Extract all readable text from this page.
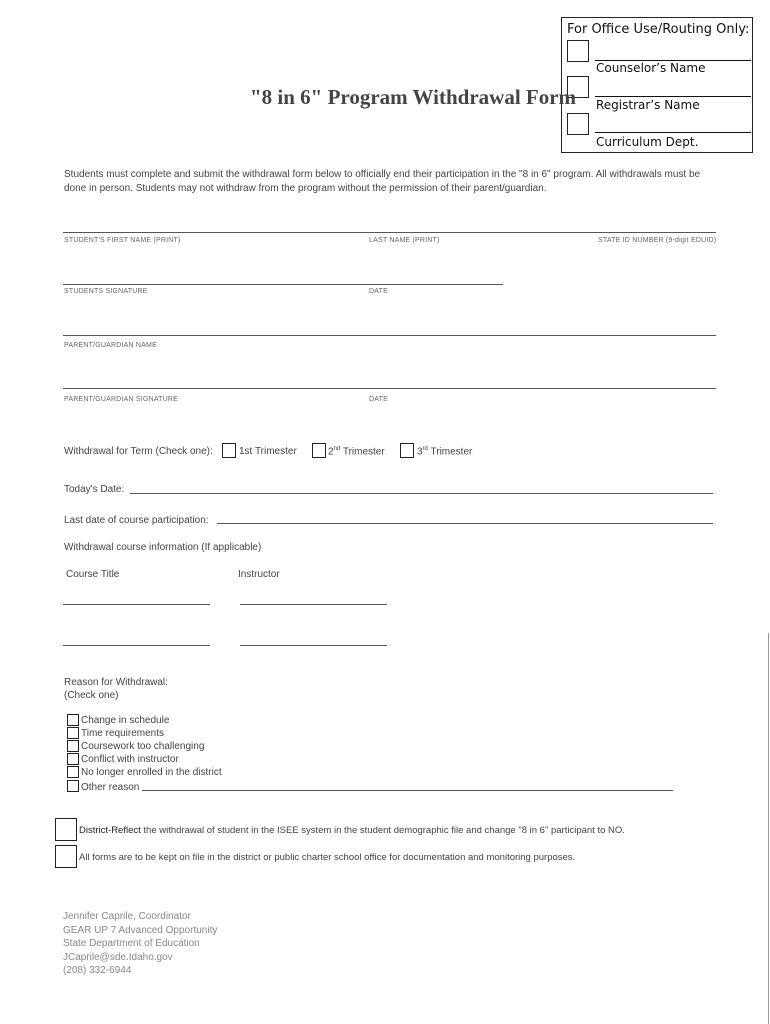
For Office Use/Routing Only:
Counselor’s Name
Registrar’s Name
Curriculum Dept.
"8 in 6" Program Withdrawal Form
Students must complete and submit the withdrawal form below to officially end their participation in the "8 in 6" program. All withdrawals must be done in person. Students may not withdraw from the program without the permission of their parent/guardian.
STUDENT'S FIRST NAME (PRINT)	LAST NAME (PRINT)	STATE ID NUMBER (9-digit EDUID)
STUDENTS SIGNATURE	DATE
PARENT/GUARDIAN NAME
PARENT/GUARDIAN SIGNATURE	DATE
Withdrawal for Term (Check one):	1st Trimester	2nd Trimester	3rd Trimester
Today's Date:
Last date of course participation:
Withdrawal course information (If applicable)
Course Title	Instructor
Reason for Withdrawal:
(Check one)
Change in schedule
Time requirements
Coursework too challenging
Conflict with instructor
No longer enrolled in the district
Other reason
District-Reflect the withdrawal of student in the ISEE system in the student demographic file and change "8 in 6" participant to NO.
All forms are to be kept on file in the district or public charter school office for documentation and monitoring purposes.
Jennifer Caprile, Coordinator
GEAR UP 7 Advanced Opportunity
State Department of Education
JCaprile@sde.Idaho.gov
(208) 332-6944
